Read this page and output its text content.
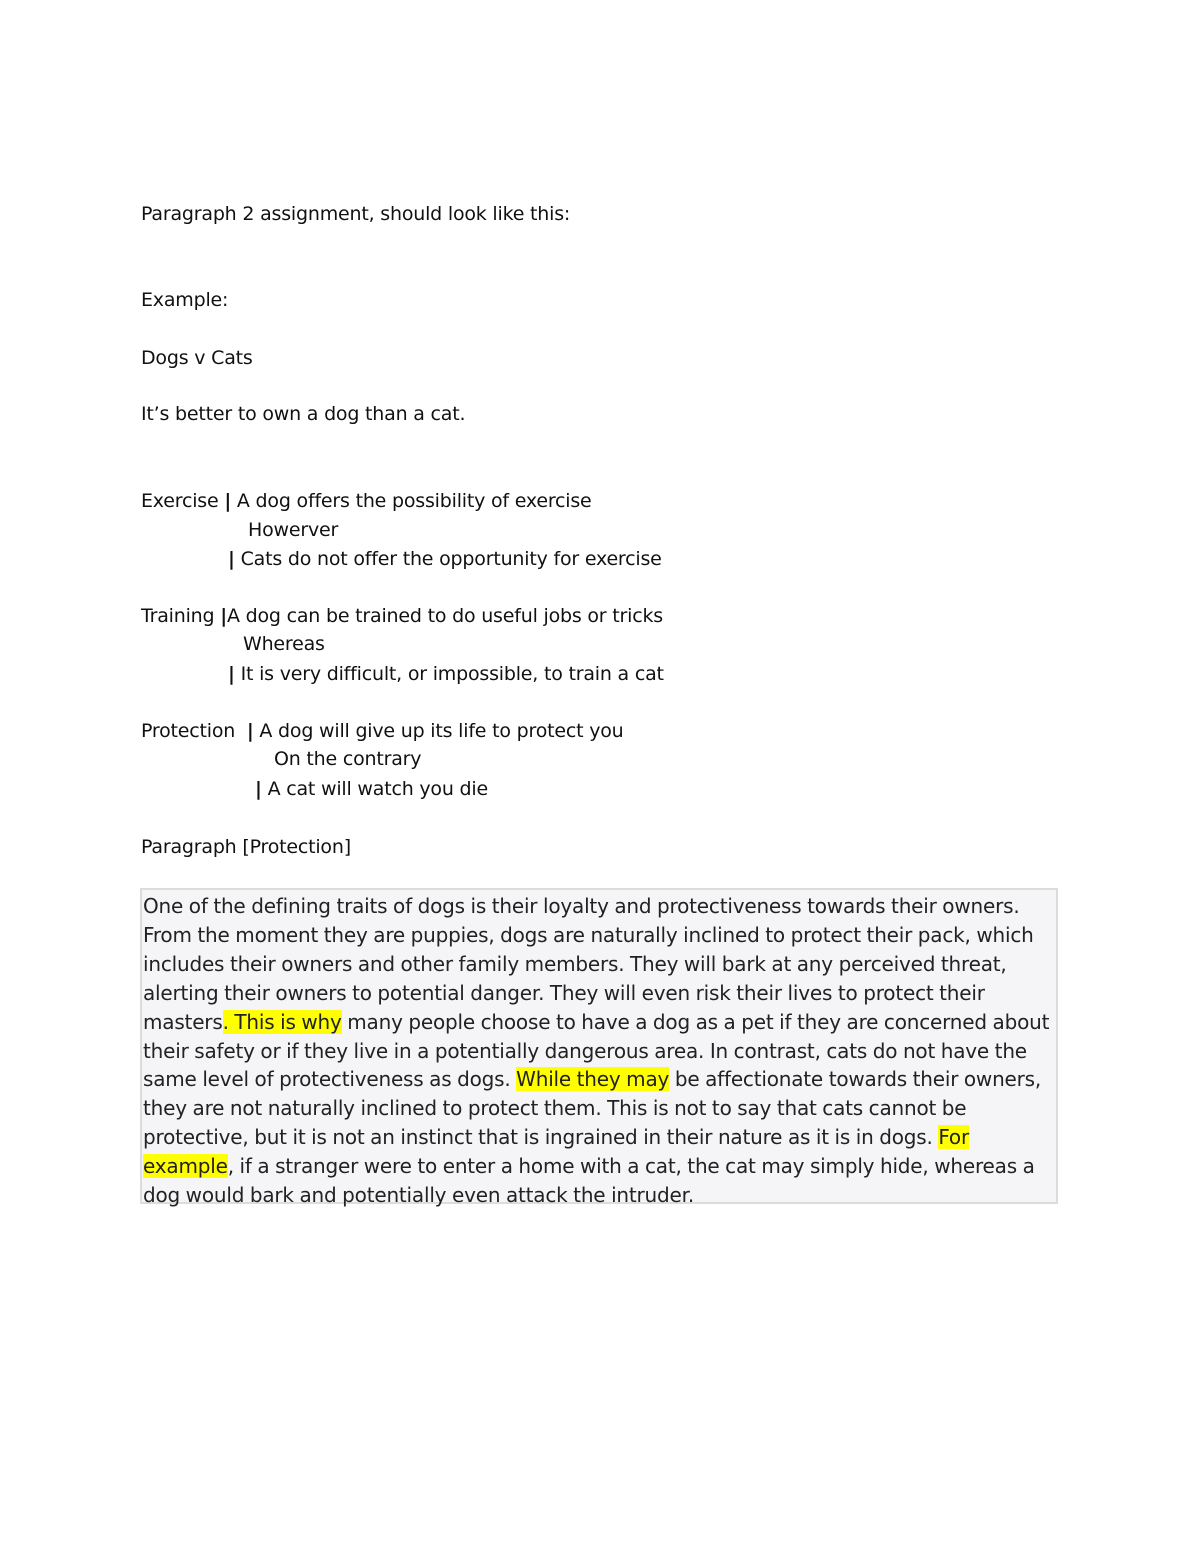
Paragraph 2 assignment, should look like this:
Example:
Dogs v Cats
It’s better to own a dog than a cat.
Exercise | A dog offers the possibility of exercise
Howerver
| Cats do not offer the opportunity for exercise
Training |A dog can be trained to do useful jobs or tricks
Whereas
| It is very difficult, or impossible, to train a cat
Protection | A dog will give up its life to protect you
On the contrary
| A cat will watch you die
Paragraph [Protection]

One of the defining traits of dogs is their loyalty and protectiveness towards their owners. From the moment they are puppies, dogs are naturally inclined to protect their pack, which includes their owners and other family members. They will bark at any perceived threat, alerting their owners to potential danger. They will even risk their lives to protect their masters. This is why many people choose to have a dog as a pet if they are concerned about their safety or if they live in a potentially dangerous area. In contrast, cats do not have the same level of protectiveness as dogs. While they may be affectionate towards their owners, they are not naturally inclined to protect them. This is not to say that cats cannot be protective, but it is not an instinct that is ingrained in their nature as it is in dogs. For example, if a stranger were to enter a home with a cat, the cat may simply hide, whereas a dog would bark and potentially even attack the intruder.
